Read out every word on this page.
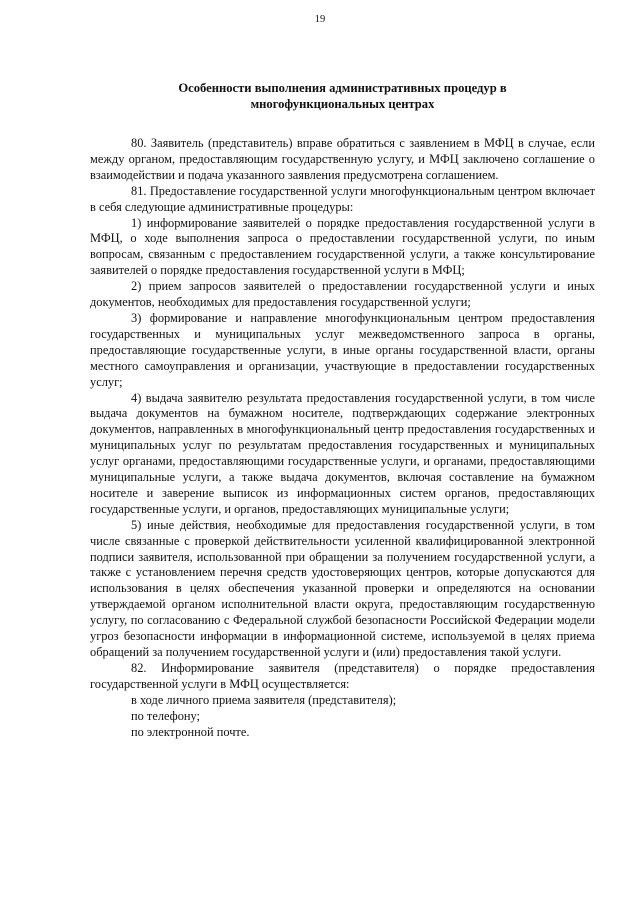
19
Особенности выполнения административных процедур в
многофункциональных центрах

80. Заявитель (представитель) вправе обратиться с заявлением в МФЦ в случае, если между органом, предоставляющим государственную услугу, и МФЦ заключено соглашение о взаимодействии и подача указанного заявления предусмотрена соглашением.

81. Предоставление государственной услуги многофункциональным центром включает в себя следующие административные процедуры:

1) информирование заявителей о порядке предоставления государственной услуги в МФЦ, о ходе выполнения запроса о предоставлении государственной услуги, по иным вопросам, связанным с предоставлением государственной услуги, а также консультирование заявителей о порядке предоставления государственной услуги в МФЦ;

2) прием запросов заявителей о предоставлении государственной услуги и иных документов, необходимых для предоставления государственной услуги;

3) формирование и направление многофункциональным центром предоставления государственных и муниципальных услуг межведомственного запроса в органы, предоставляющие государственные услуги, в иные органы государственной власти, органы местного самоуправления и организации, участвующие в предоставлении государственных услуг;

4) выдача заявителю результата предоставления государственной услуги, в том числе выдача документов на бумажном носителе, подтверждающих содержание электронных документов, направленных в многофункциональный центр предоставления государственных и муниципальных услуг по результатам предоставления государственных и муниципальных услуг органами, предоставляющими государственные услуги, и органами, предоставляющими муниципальные услуги, а также выдача документов, включая составление на бумажном носителе и заверение выписок из информационных систем органов, предоставляющих государственные услуги, и органов, предоставляющих муниципальные услуги;

5) иные действия, необходимые для предоставления государственной услуги, в том числе связанные с проверкой действительности усиленной квалифицированной электронной подписи заявителя, использованной при обращении за получением государственной услуги, а также с установлением перечня средств удостоверяющих центров, которые допускаются для использования в целях обеспечения указанной проверки и определяются на основании утверждаемой органом исполнительной власти округа, предоставляющим государственную услугу, по согласованию с Федеральной службой безопасности Российской Федерации модели угроз безопасности информации в информационной системе, используемой в целях приема обращений за получением государственной услуги и (или) предоставления такой услуги.

82. Информирование заявителя (представителя) о порядке предоставления государственной услуги в МФЦ осуществляется:

в ходе личного приема заявителя (представителя);

по телефону;

по электронной почте.
